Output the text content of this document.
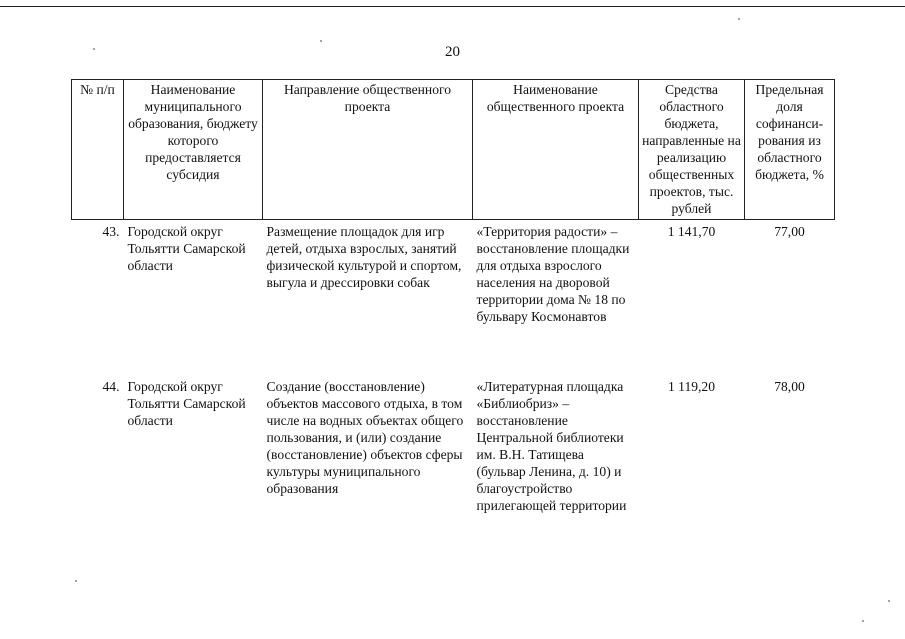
20
№ п/п	Наименование муниципального образования, бюджету которого предоставляется субсидия	Направление общественного проекта	Наименование общественного проекта	Средства областного бюджета, направленные на реализацию общественных проектов, тыс. рублей	Предельная доля софинанси-рования из областного бюджета, %
43.	Городской округ Тольятти Самарской области	Размещение площадок для игр детей, отдыха взрослых, занятий физической культурой и спортом, выгула и дрессировки собак	«Территория радости» – восстановление площадки для отдыха взрослого населения на дворовой территории дома № 18 по бульвару Космонавтов	1 141,70	77,00
44.	Городской округ Тольятти Самарской области	Создание (восстановление) объектов массового отдыха, в том числе на водных объектах общего пользования, и (или) создание (восстановление) объектов сферы культуры муниципального образования	«Литературная площадка «Библиобриз» – восстановление Центральной библиотеки им. В.Н. Татищева (бульвар Ленина, д. 10) и благоустройство прилегающей территории	1 119,20	78,00
